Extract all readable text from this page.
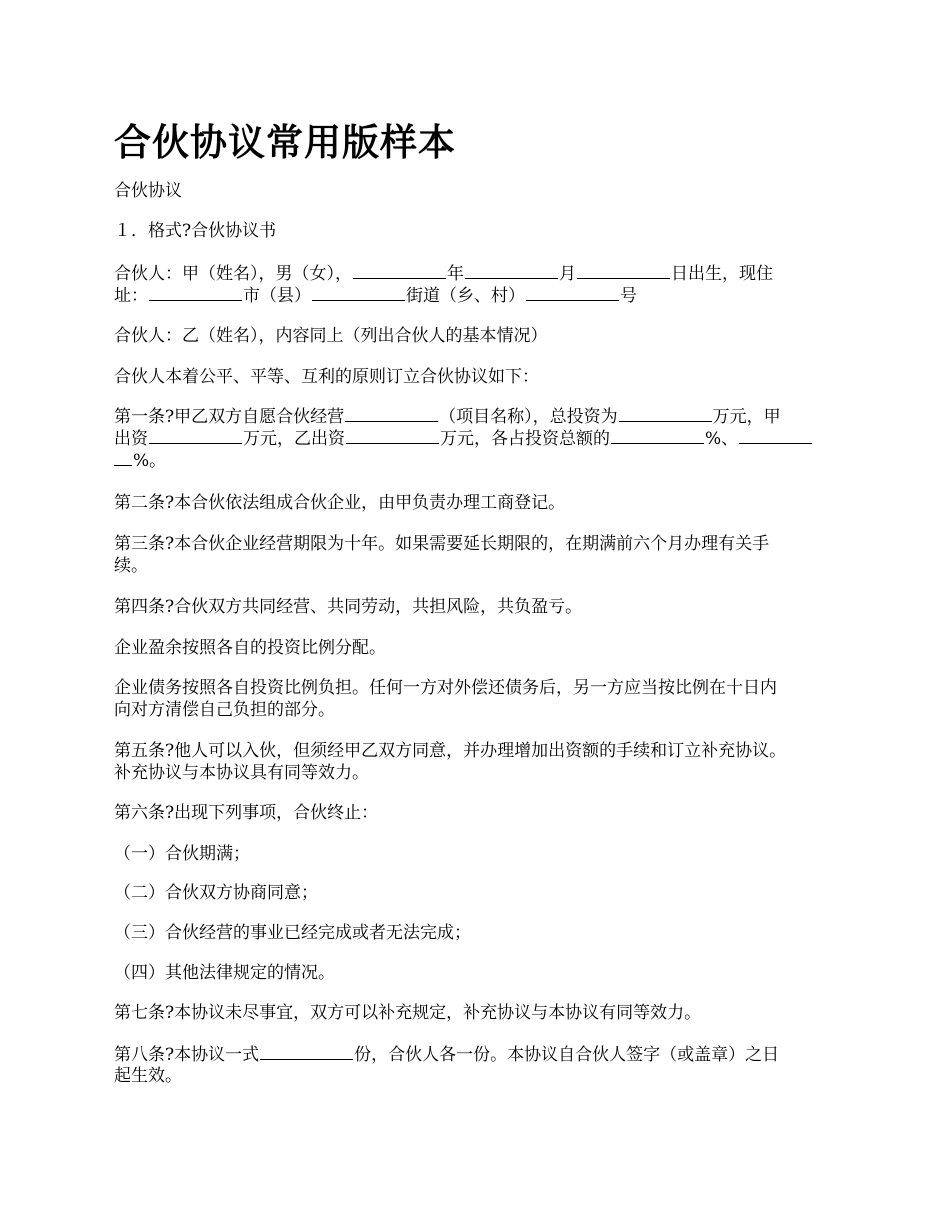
合伙协议常用版样本

合伙协议

１．格式?合伙协议书

合伙人：甲（姓名），男（女），	年	月	日出生，现住
址：	市（县）	街道（乡、村）	号

合伙人：乙（姓名），内容同上（列出合伙人的基本情况）

合伙人本着公平、平等、互利的原则订立合伙协议如下：

第一条?甲乙双方自愿合伙经营	（项目名称），总投资为	万元，甲
出资	万元，乙出资	万元，各占投资总额的	%、
%。

第二条?本合伙依法组成合伙企业，由甲负责办理工商登记。

第三条?本合伙企业经营期限为十年。如果需要延长期限的，在期满前六个月办理有关手
续。

第四条?合伙双方共同经营、共同劳动，共担风险，共负盈亏。

企业盈余按照各自的投资比例分配。

企业债务按照各自投资比例负担。任何一方对外偿还债务后，另一方应当按比例在十日内
向对方清偿自己负担的部分。
第五条?他人可以入伙，但须经甲乙双方同意，并办理增加出资额的手续和订立补充协议。
补充协议与本协议具有同等效力。

第六条?出现下列事项，合伙终止：

（一）合伙期满；

（二）合伙双方协商同意；

（三）合伙经营的事业已经完成或者无法完成；

（四）其他法律规定的情况。

第七条?本协议未尽事宜，双方可以补充规定，补充协议与本协议有同等效力。

第八条?本协议一式	份，合伙人各一份。本协议自合伙人签字（或盖章）之日
起生效。
